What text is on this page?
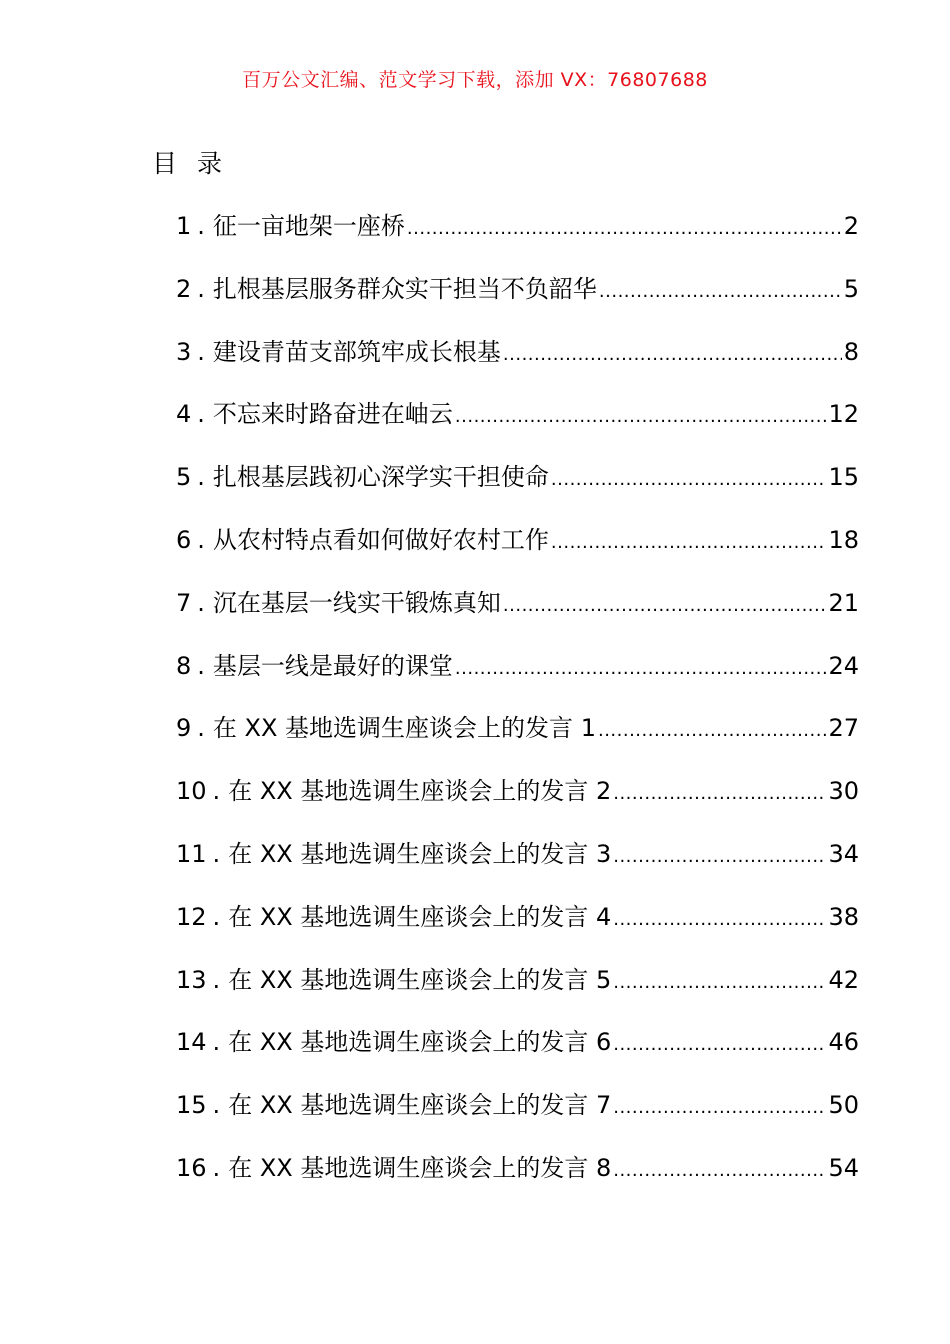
百万公文汇编、范文学习下载，添加 VX：76807688
目 录
1 . 征一亩地架一座桥 .....	2
2 . 扎根基层服务群众实干担当不负韶华 .....	5
3 . 建设青苗支部筑牢成长根基 .....	8
4 . 不忘来时路奋进在岫云 .....	12
5 . 扎根基层践初心深学实干担使命 .....	15
6 . 从农村特点看如何做好农村工作 .....	18
7 . 沉在基层一线实干锻炼真知 .....	21
8 . 基层一线是最好的课堂 .....	24
9 . 在 XX 基地选调生座谈会上的发言 1 .....	27
10 . 在 XX 基地选调生座谈会上的发言 2 .....	30
11 . 在 XX 基地选调生座谈会上的发言 3 .....	34
12 . 在 XX 基地选调生座谈会上的发言 4 .....	38
13 . 在 XX 基地选调生座谈会上的发言 5 .....	42
14 . 在 XX 基地选调生座谈会上的发言 6 .....	46
15 . 在 XX 基地选调生座谈会上的发言 7 .....	50
16 . 在 XX 基地选调生座谈会上的发言 8 .....	54
